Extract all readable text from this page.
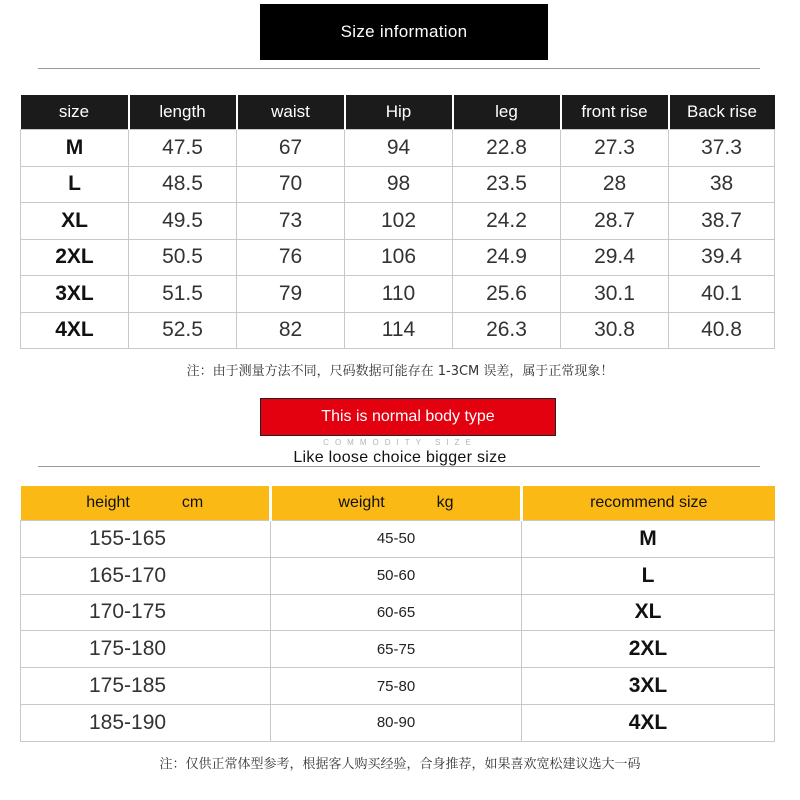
Size information
size	length	waist	Hip	leg	front rise	Back rise
M	47.5	67	94	22.8	27.3	37.3
L	48.5	70	98	23.5	28	38
XL	49.5	73	102	24.2	28.7	38.7
2XL	50.5	76	106	24.9	29.4	39.4
3XL	51.5	79	110	25.6	30.1	40.1
4XL	52.5	82	114	26.3	30.8	40.8
注：由于测量方法不同，尺码数据可能存在 1-3CM 误差，属于正常现象！
This is normal body type
COMMODITY SIZE
Like loose choice bigger size
height cm	weight kg	recommend size
155-165	45-50	M
165-170	50-60	L
170-175	60-65	XL
175-180	65-75	2XL
175-185	75-80	3XL
185-190	80-90	4XL
注：仅供正常体型参考，根据客人购买经验，合身推荐，如果喜欢宽松建议选大一码
